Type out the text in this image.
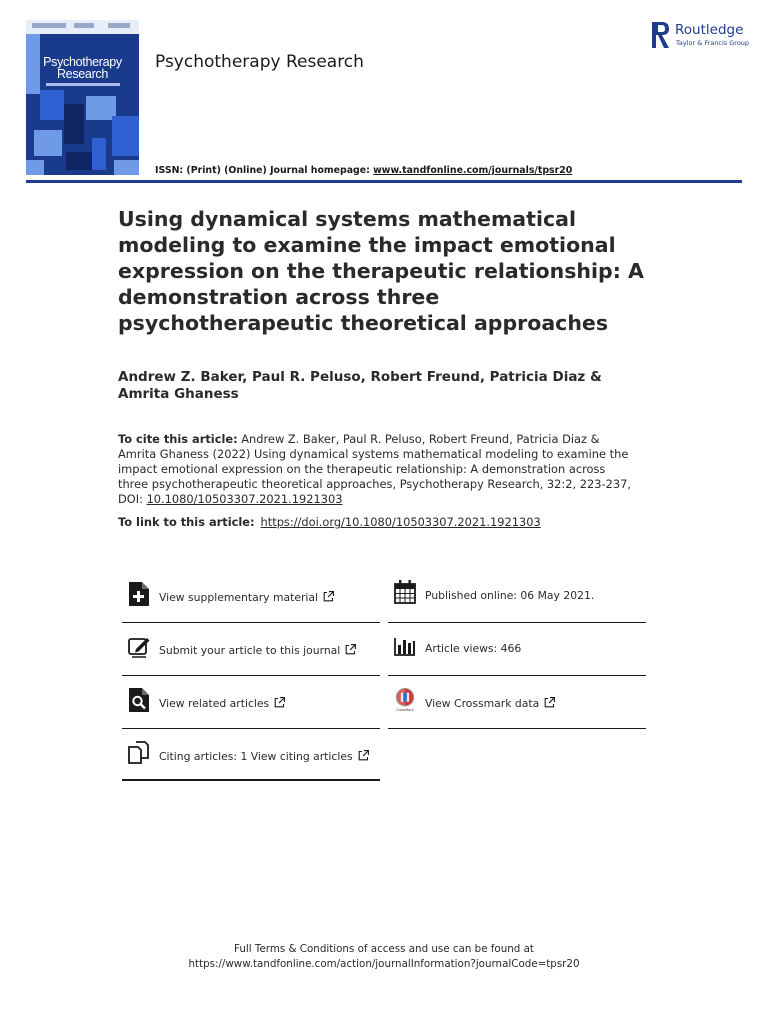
Psychotherapy Research
Psychotherapy Research
Routledge
Taylor & Francis Group
ISSN: (Print) (Online) Journal homepage: www.tandfonline.com/journals/tpsr20
Using dynamical systems mathematical modeling to examine the impact emotional expression on the therapeutic relationship: A demonstration across three psychotherapeutic theoretical approaches
Andrew Z. Baker, Paul R. Peluso, Robert Freund, Patricia Diaz & Amrita Ghaness
To cite this article: Andrew Z. Baker, Paul R. Peluso, Robert Freund, Patricia Diaz & Amrita Ghaness (2022) Using dynamical systems mathematical modeling to examine the impact emotional expression on the therapeutic relationship: A demonstration across three psychotherapeutic theoretical approaches, Psychotherapy Research, 32:2, 223-237, DOI: 10.1080/10503307.2021.1921303
To link to this article: https://doi.org/10.1080/10503307.2021.1921303
View supplementary material
Submit your article to this journal
View related articles
Citing articles: 1 View citing articles
Published online: 06 May 2021.
Article views: 466
CrossMark
View Crossmark data
Full Terms & Conditions of access and use can be found at
https://www.tandfonline.com/action/journalInformation?journalCode=tpsr20
